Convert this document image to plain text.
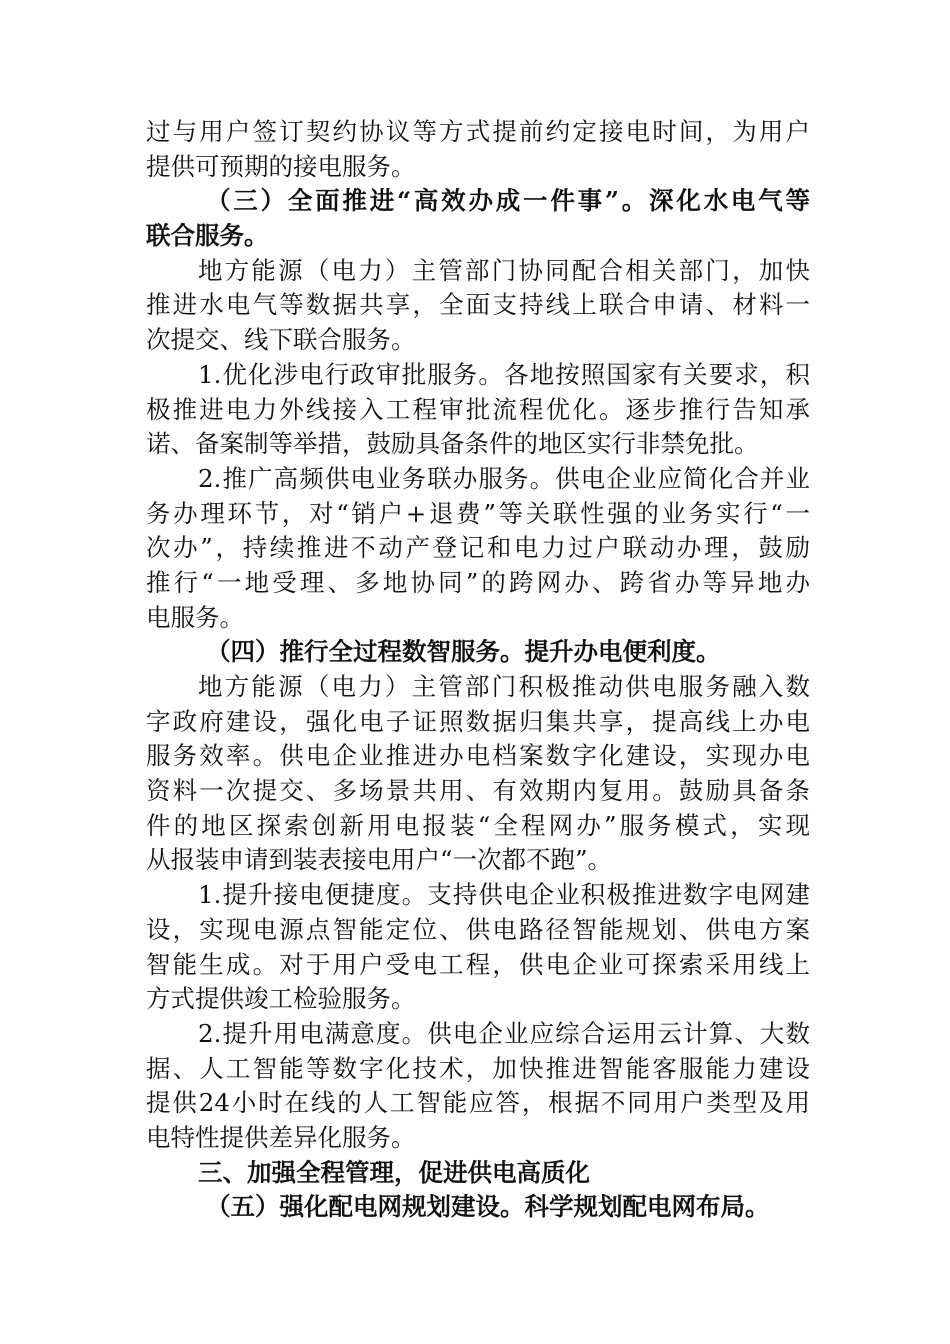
过与用户签订契约协议等方式提前约定接电时间，为用户
提供可预期的接电服务。
（三）全面推进“高效办成一件事”。深化水电气等
联合服务。
地方能源（电力）主管部门协同配合相关部门，加快
推进水电气等数据共享，全面支持线上联合申请、材料一
次提交、线下联合服务。
1.优化涉电行政审批服务。各地按照国家有关要求，积
极推进电力外线接入工程审批流程优化。逐步推行告知承
诺、备案制等举措，鼓励具备条件的地区实行非禁免批。
2.推广高频供电业务联办服务。供电企业应简化合并业
务办理环节，对“销户+退费”等关联性强的业务实行“一
次办”，持续推进不动产登记和电力过户联动办理，鼓励
推行“一地受理、多地协同”的跨网办、跨省办等异地办
电服务。
（四）推行全过程数智服务。提升办电便利度。
地方能源（电力）主管部门积极推动供电服务融入数
字政府建设，强化电子证照数据归集共享，提高线上办电
服务效率。供电企业推进办电档案数字化建设，实现办电
资料一次提交、多场景共用、有效期内复用。鼓励具备条
件的地区探索创新用电报装“全程网办”服务模式，实现
从报装申请到装表接电用户“一次都不跑”。
1.提升接电便捷度。支持供电企业积极推进数字电网建
设，实现电源点智能定位、供电路径智能规划、供电方案
智能生成。对于用户受电工程，供电企业可探索采用线上
方式提供竣工检验服务。
2.提升用电满意度。供电企业应综合运用云计算、大数
据、人工智能等数字化技术，加快推进智能客服能力建设
提供24小时在线的人工智能应答，根据不同用户类型及用
电特性提供差异化服务。
三、加强全程管理，促进供电高质化
（五）强化配电网规划建设。科学规划配电网布局。
